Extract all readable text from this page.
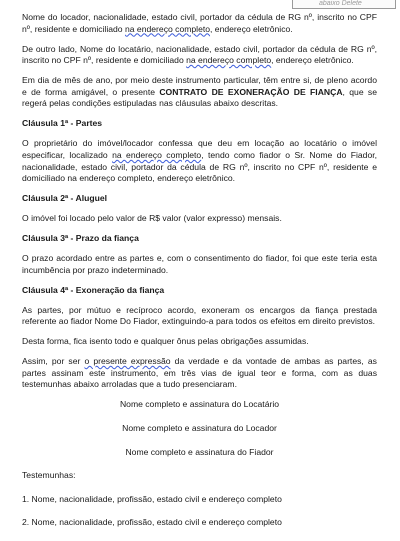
abaixo Delete

Nome do locador, nacionalidade, estado civil, portador da cédula de RG nº, inscrito no CPF nº, residente e domiciliado na endereço completo, endereço eletrônico.

De outro lado, Nome do locatário, nacionalidade, estado civil, portador da cédula de RG nº, inscrito no CPF nº, residente e domiciliado na endereço completo, endereço eletrônico.

Em dia de mês de ano, por meio deste instrumento particular, têm entre si, de pleno acordo e de forma amigável, o presente CONTRATO DE EXONERAÇÃO DE FIANÇA, que se regerá pelas condições estipuladas nas cláusulas abaixo descritas.

Cláusula 1ª - Partes

O proprietário do imóvel/locador confessa que deu em locação ao locatário o imóvel especificar, localizado na endereço completo, tendo como fiador o Sr. Nome do Fiador, nacionalidade, estado civil, portador da cédula de RG nº, inscrito no CPF nº, residente e domiciliado na endereço completo, endereço eletrônico.

Cláusula 2ª - Aluguel

O imóvel foi locado pelo valor de R$ valor (valor expresso) mensais.

Cláusula 3ª - Prazo da fiança

O prazo acordado entre as partes e, com o consentimento do fiador, foi que este teria esta incumbência por prazo indeterminado.

Cláusula 4ª - Exoneração da fiança

As partes, por mútuo e recíproco acordo, exoneram os encargos da fiança prestada referente ao fiador Nome Do Fiador, extinguindo-a para todos os efeitos em direito previstos.

Desta forma, fica isento todo e qualquer ônus pelas obrigações assumidas.

Assim, por ser o presente expressão da verdade e da vontade de ambas as partes, as partes assinam este instrumento, em três vias de igual teor e forma, com as duas testemunhas abaixo arroladas que a tudo presenciaram.

Nome completo e assinatura do Locatário
Nome completo e assinatura do Locador
Nome completo e assinatura do Fiador

Testemunhas:

1. Nome, nacionalidade, profissão, estado civil e endereço completo

2. Nome, nacionalidade, profissão, estado civil e endereço completo
